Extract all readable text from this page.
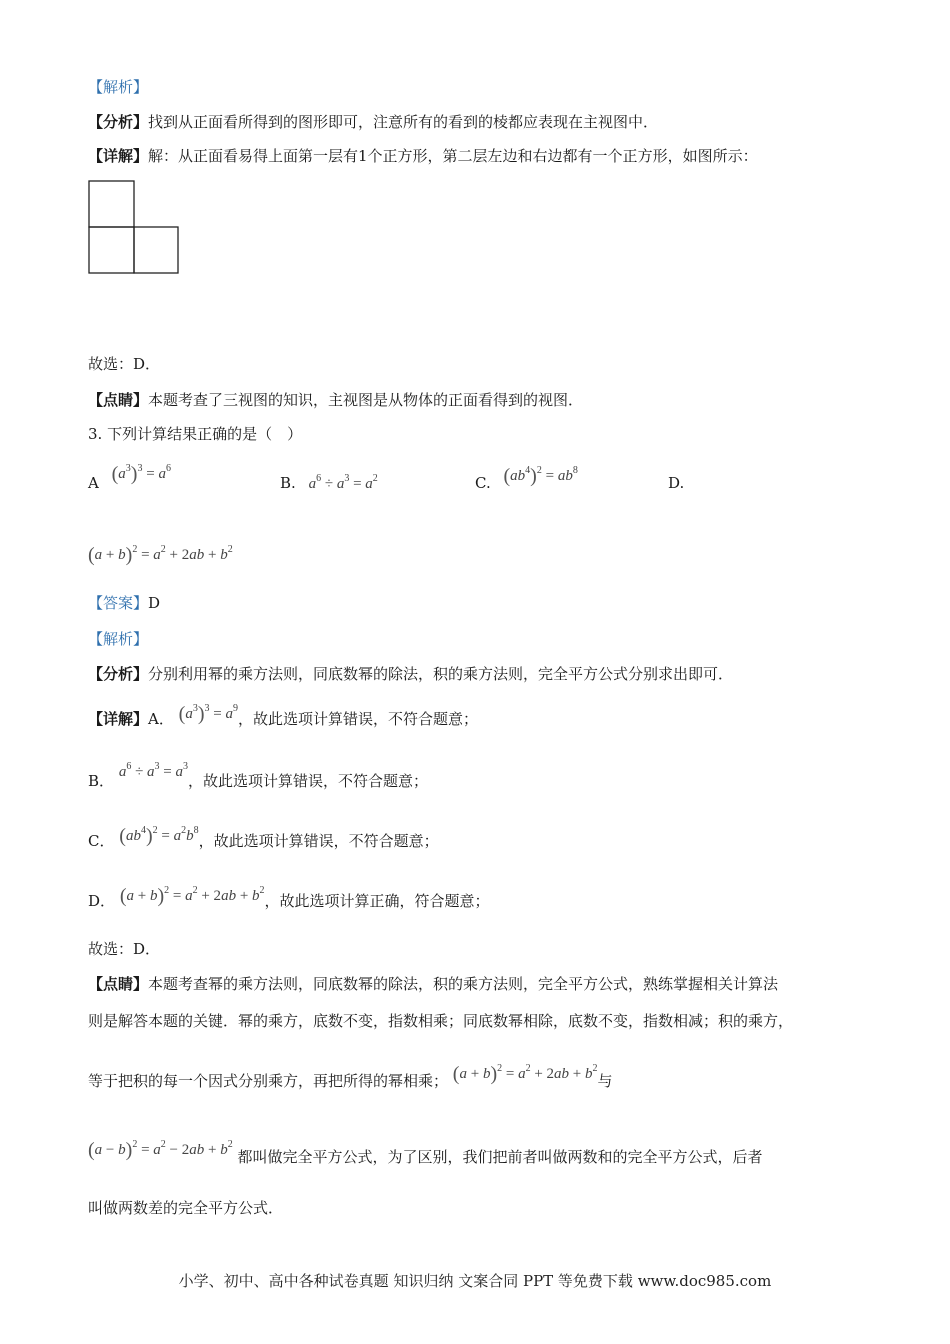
【解析】
【分析】找到从正面看所得到的图形即可，注意所有的看到的棱都应表现在主视图中．
【详解】解：从正面看易得上面第一层有1个正方形，第二层左边和右边都有一个正方形，如图所示：
故选：D．
【点睛】本题考查了三视图的知识，主视图是从物体的正面看得到的视图．
3. 下列计算结果正确的是（　）
A $(a^3)^3 = a^6$
B. $a^6 \div a^3 = a^2$	C. $(ab^4)^2 = ab^8$
D.
$(a + b)^2 = a^2 + 2ab + b^2$
【答案】D
【解析】
【分析】分别利用幂的乘方法则，同底数幂的除法，积的乘方法则，完全平方公式分别求出即可．
【详解】A． $(a^3)^3 = a^9$，故此选项计算错误，不符合题意；
B． $a^6 \div a^3 = a^3$，故此选项计算错误，不符合题意；
C． $(ab^4)^2 = a^2b^8$，故此选项计算错误，不符合题意；
D． $(a + b)^2 = a^2 + 2ab + b^2$，故此选项计算正确，符合题意；
故选：D．
【点睛】本题考查幂的乘方法则，同底数幂的除法，积的乘方法则，完全平方公式，熟练掌握相关计算法
则是解答本题的关键．幂的乘方，底数不变，指数相乘；同底数幂相除，底数不变，指数相减；积的乘方，
等于把积的每一个因式分别乘方，再把所得的幂相乘； $(a + b)^2 = a^2 + 2ab + b^2$与
$(a - b)^2 = a^2 - 2ab + b^2$ 都叫做完全平方公式，为了区别，我们把前者叫做两数和的完全平方公式，后者
叫做两数差的完全平方公式．
小学、初中、高中各种试卷真题 知识归纳 文案合同 PPT 等免费下载 www.doc985.com
